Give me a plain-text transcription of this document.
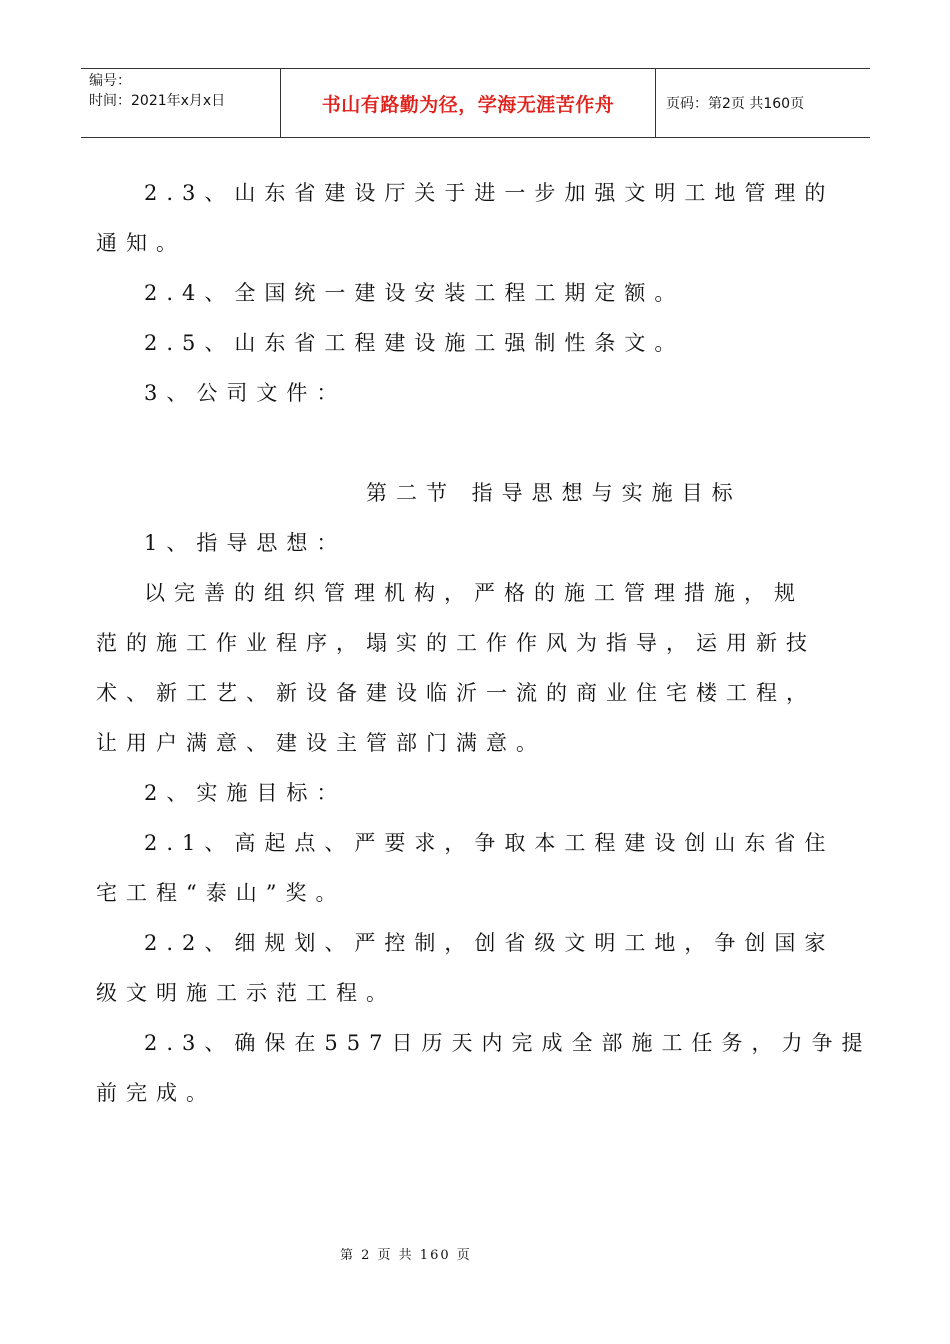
编号：
时间：2021年x月x日	书山有路勤为径，学海无涯苦作舟	页码：第2页 共160页

2.3、山东省建设厅关于进一步加强文明工地管理的

通知。

2.4、全国统一建设安装工程工期定额。

2.5、山东省工程建设施工强制性条文。

3、公司文件：

第二节 指导思想与实施目标

1、指导思想：

以完善的组织管理机构，严格的施工管理措施，规

范的施工作业程序，塌实的工作作风为指导，运用新技

术、新工艺、新设备建设临沂一流的商业住宅楼工程，

让用户满意、建设主管部门满意。

2、实施目标：

2.1、高起点、严要求，争取本工程建设创山东省住

宅工程“泰山”奖。

2.2、细规划、严控制，创省级文明工地，争创国家

级文明施工示范工程。

2.3、确保在557日历天内完成全部施工任务，力争提

前完成。

第 2 页 共 160 页
